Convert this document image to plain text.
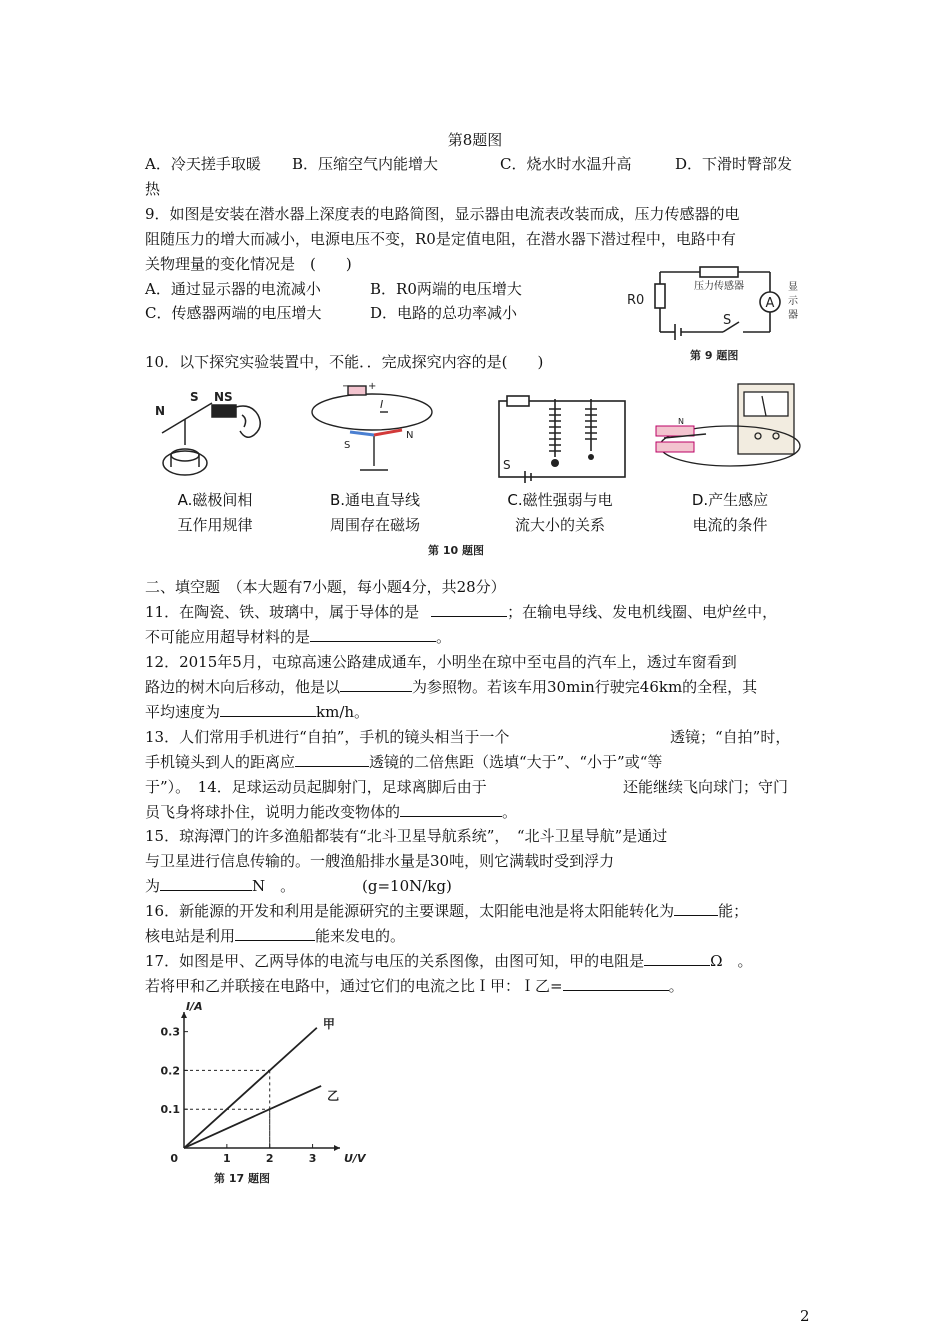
第8题图
A．冷天搓手取暖 B．压缩空气内能增大	C．烧水时水温升高	D．下滑时臀部发
热
9．如图是安装在潜水器上深度表的电路简图，显示器由电流表改装而成，压力传感器的电
阻随压力的增大而减小，电源电压不变，R0是定值电阻，在潜水器下潜过程中，电路中有
关物理量的变化情况是　(　　)
A．通过显示器的电流减小	B．R0两端的电压增大
C．传感器两端的电压增大	D．电路的总功率减小
R0
压力传感器
A
显
示
器
S
第 9 题图
10．以下探究实验装置中，不能．．完成探究内容的是(　　)
N
S NS
− +
I
S
N
S
N
A.磁极间相
互作用规律
B.通电直导线
周围存在磁场
C.磁性强弱与电
流大小的关系
D.产生感应
电流的条件
第 10 题图
二、填空题　（本大题有7小题，每小题4分，共28分）
11．在陶瓷、铁、玻璃中，属于导体的是	；在输电导线、发电机线圈、电炉丝中，
不可能应用超导材料的是	。
12．2015年5月，屯琼高速公路建成通车，小明坐在琼中至屯昌的汽车上，透过车窗看到
路边的树木向后移动，他是以	为参照物。若该车用30min行驶完46km的全程，其
平均速度为	km/h。
13．人们常用手机进行“自拍”，手机的镜头相当于一个	透镜；“自拍”时，
手机镜头到人的距离应	透镜的二倍焦距（选填“大于”、“小于”或“等
于”）。　14．足球运动员起脚射门，足球离脚后由于	还能继续飞向球门；守门
员飞身将球扑住，说明力能改变物体的	。
15．琼海潭门的许多渔船都装有“北斗卫星导航系统”，　“北斗卫星导航”是通过
与卫星进行信息传输的。一艘渔船排水量是30吨，则它满载时受到浮力
为	N　。	(g=10N/kg)
16．新能源的开发和利用是能源研究的主要课题，太阳能电池是将太阳能转化为	能；
核电站是利用	能来发电的。
17．如图是甲、乙两导体的电流与电压的关系图像，由图可知，甲的电阻是	Ω　。
若将甲和乙并联接在电路中，通过它们的电流之比Ｉ甲：Ｉ乙=	。
1	2	3
0.1
0.2
0.3
0
I/A
U/V
甲
乙
第 17 题图
2
